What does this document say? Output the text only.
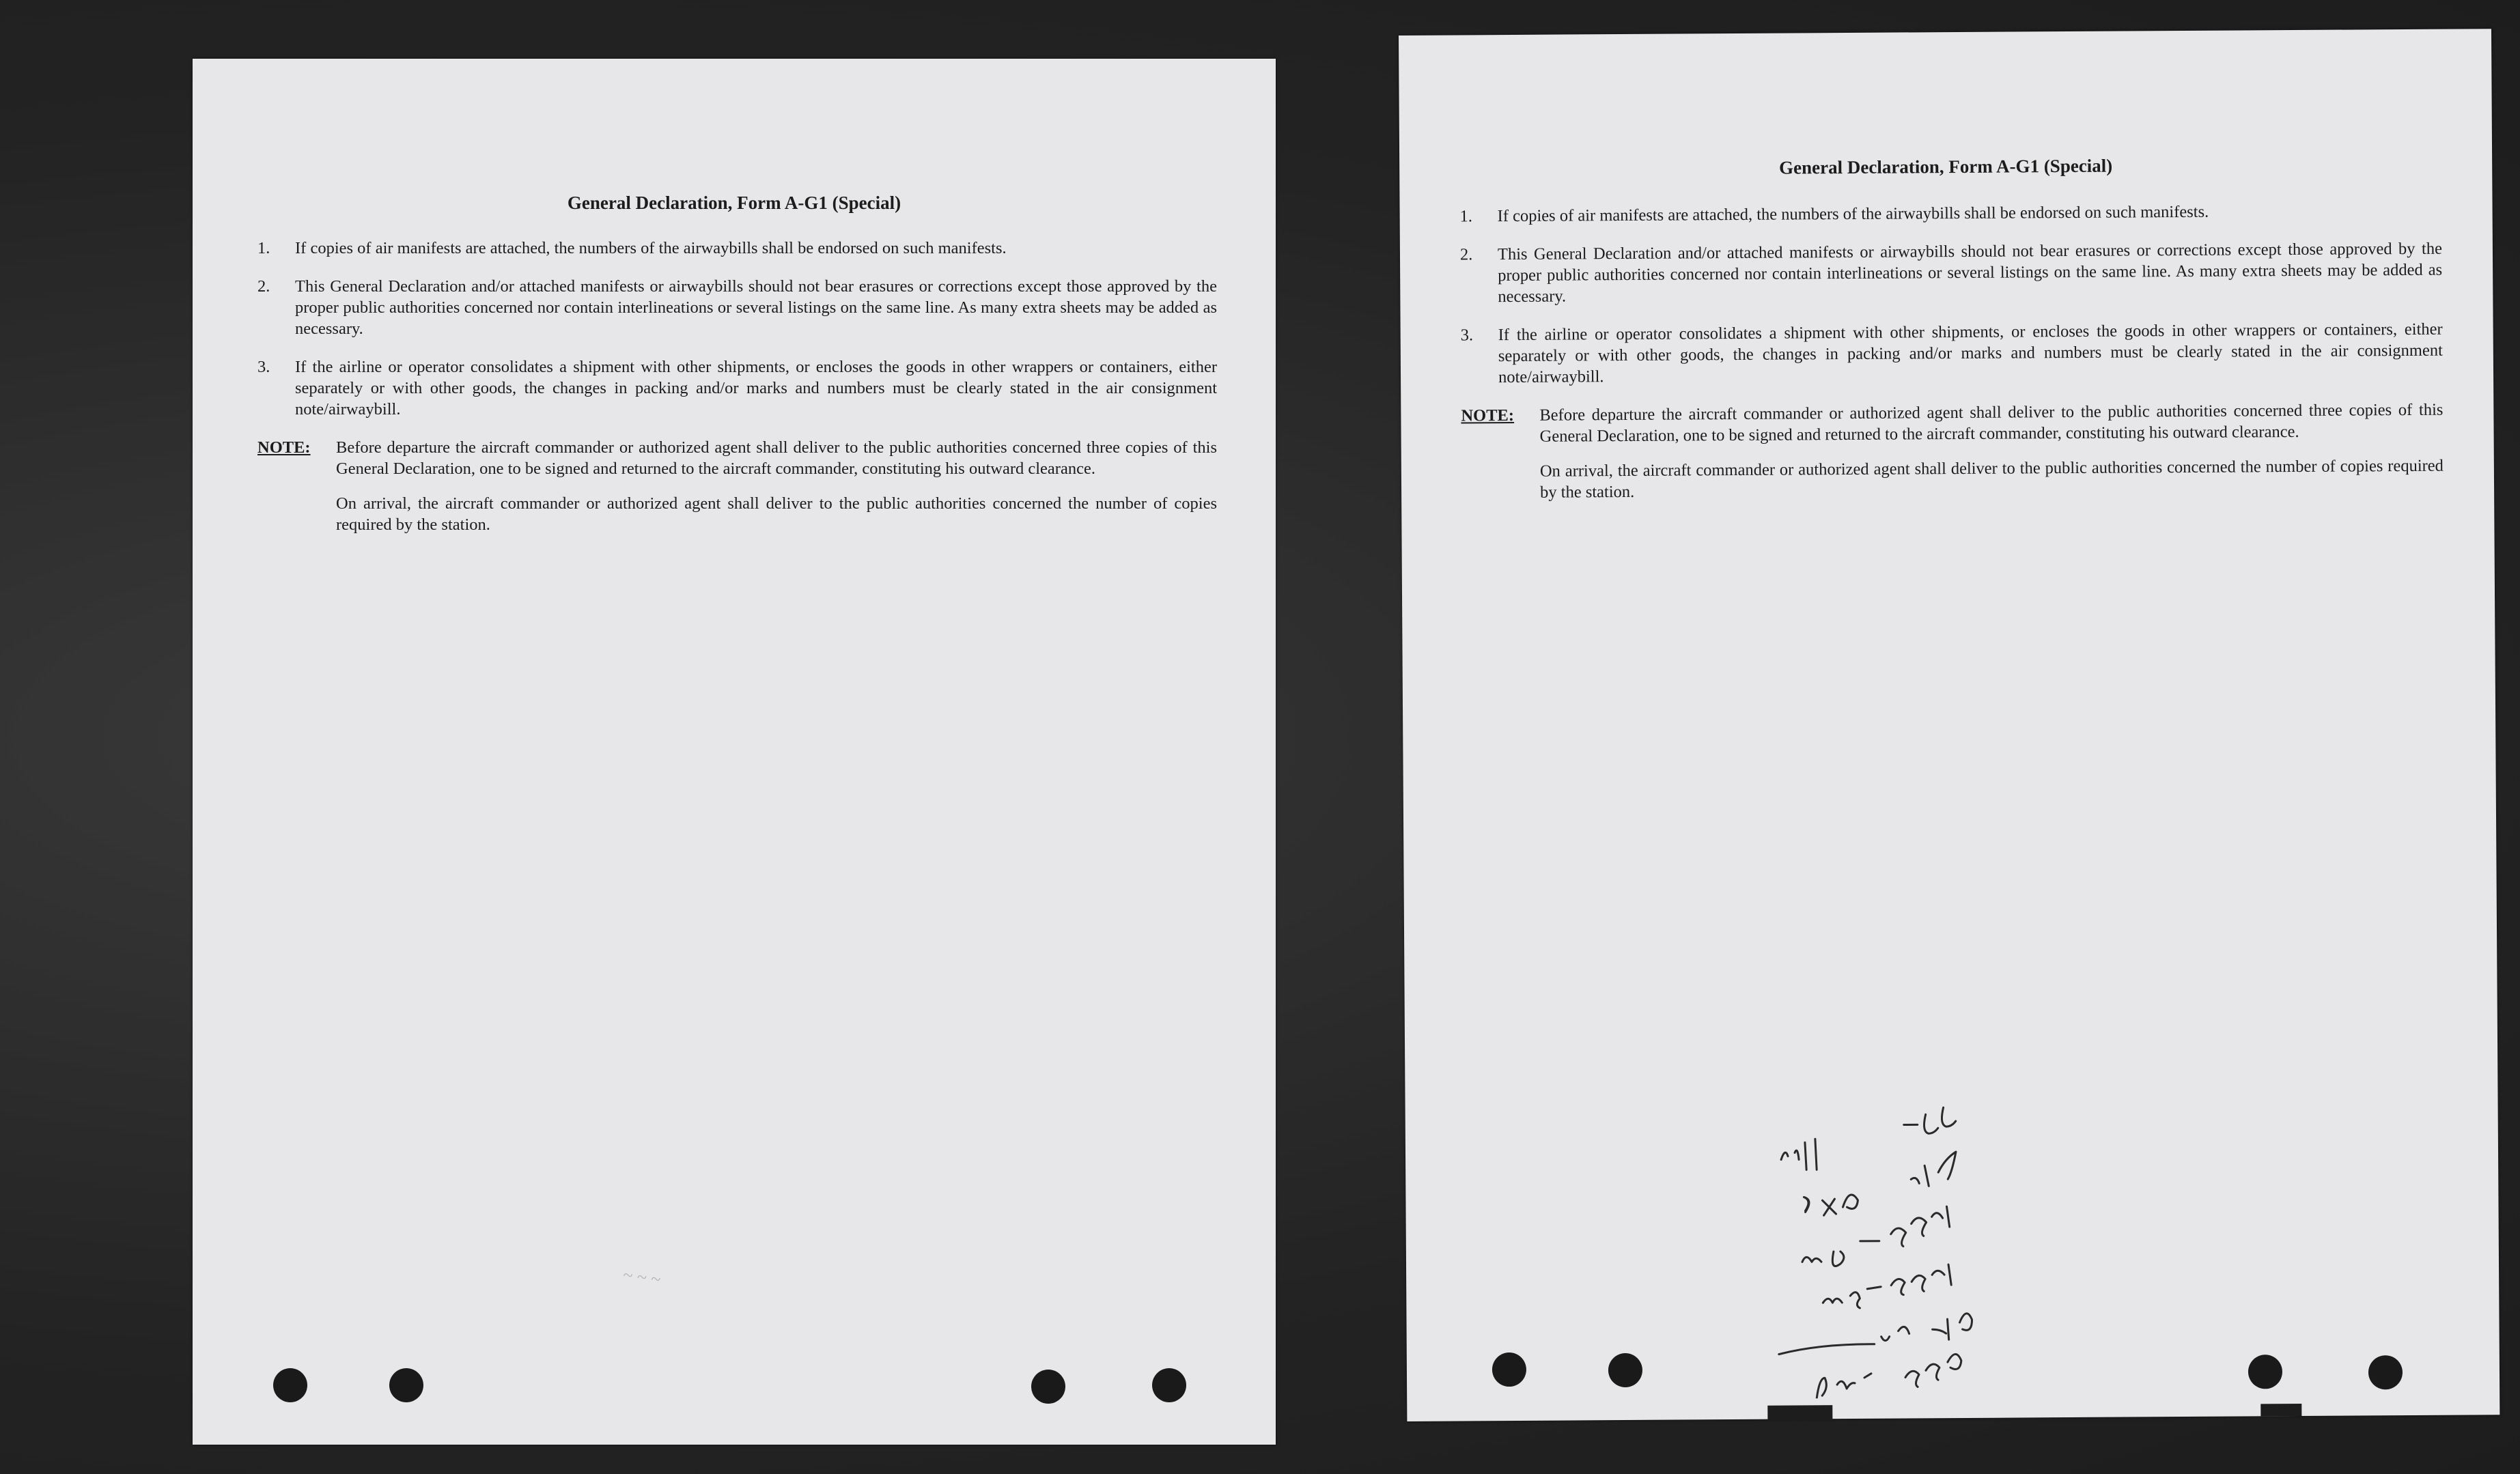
General Declaration, Form A-G1 (Special)
1.	If copies of air manifests are attached, the numbers of the airwaybills shall be endorsed on such manifests.
2.	This General Declaration and/or attached manifests or airwaybills should not bear erasures or corrections except those approved by the proper public authorities concerned nor contain interlineations or several listings on the same line. As many extra sheets may be added as necessary.
3.	If the airline or operator consolidates a shipment with other shipments, or encloses the goods in other wrappers or containers, either separately or with other goods, the changes in packing and/or marks and numbers must be clearly stated in the air consignment note/airwaybill.
NOTE:	Before departure the aircraft commander or authorized agent shall deliver to the public authorities concerned three copies of this General Declaration, one to be signed and returned to the aircraft commander, constituting his outward clearance.
On arrival, the aircraft commander or authorized agent shall deliver to the public authorities concerned the number of copies required by the station.
~ ~ ~
General Declaration, Form A-G1 (Special)
1.	If copies of air manifests are attached, the numbers of the airwaybills shall be endorsed on such manifests.
2.	This General Declaration and/or attached manifests or airwaybills should not bear erasures or corrections except those approved by the proper public authorities concerned nor contain interlineations or several listings on the same line. As many extra sheets may be added as necessary.
3.	If the airline or operator consolidates a shipment with other shipments, or encloses the goods in other wrappers or containers, either separately or with other goods, the changes in packing and/or marks and numbers must be clearly stated in the air consignment note/airwaybill.
NOTE:	Before departure the aircraft commander or authorized agent shall deliver to the public authorities concerned three copies of this General Declaration, one to be signed and returned to the aircraft commander, constituting his outward clearance.
On arrival, the aircraft commander or authorized agent shall deliver to the public authorities concerned the number of copies required by the station.
